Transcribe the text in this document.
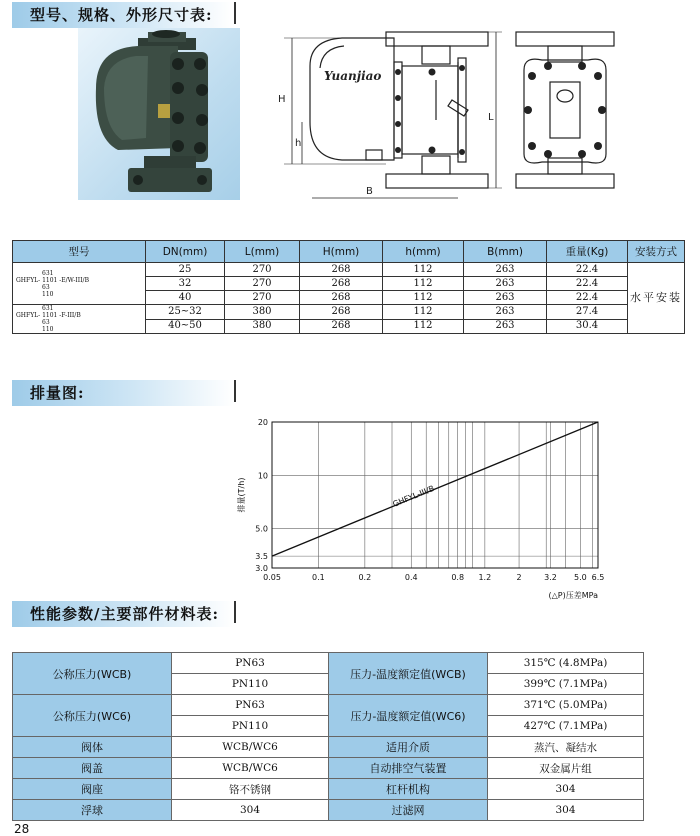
型号、规格、外形尺寸表:
Yuanjiao
H
h
B
L
型号	DN(mm)	L(mm)	H(mm)	h(mm)	B(mm)	重量(Kg)	安装方式

631
GHFYL- 1101 -E/W-III/B
63
110	25	270	268	112	263	22.4	水平安装
	32	270	268	112	263	22.4	
	40	270	268	112	263	22.4	

631
GHFYL- 1101 -F-III/B
63
110	25~32	380	268	112	263	27.4	
	40~50	380	268	112	263	30.4	
排量图:
0.05	0.1	0.2	0.4	0.8 1.2	2	3.2 5.0 6.5
3.0
3.5
5.0
10
20
排量(T/h)
(△P)压差MPa
GHFYL-III/B
性能参数/主要部件材料表:
公称压力(WCB)	PN63	压力-温度额定值(WCB)	315℃ (4.8MPa)
	PN110		399℃ (7.1MPa)
公称压力(WC6)	PN63	压力-温度额定值(WC6)	371℃ (5.0MPa)
	PN110		427℃ (7.1MPa)
阀体	WCB/WC6	适用介质	蒸汽、凝结水
阀盖	WCB/WC6	自动排空气装置	双金属片组
阀座	铬不锈钢	杠杆机构	304
浮球	304	过滤网	304
28
